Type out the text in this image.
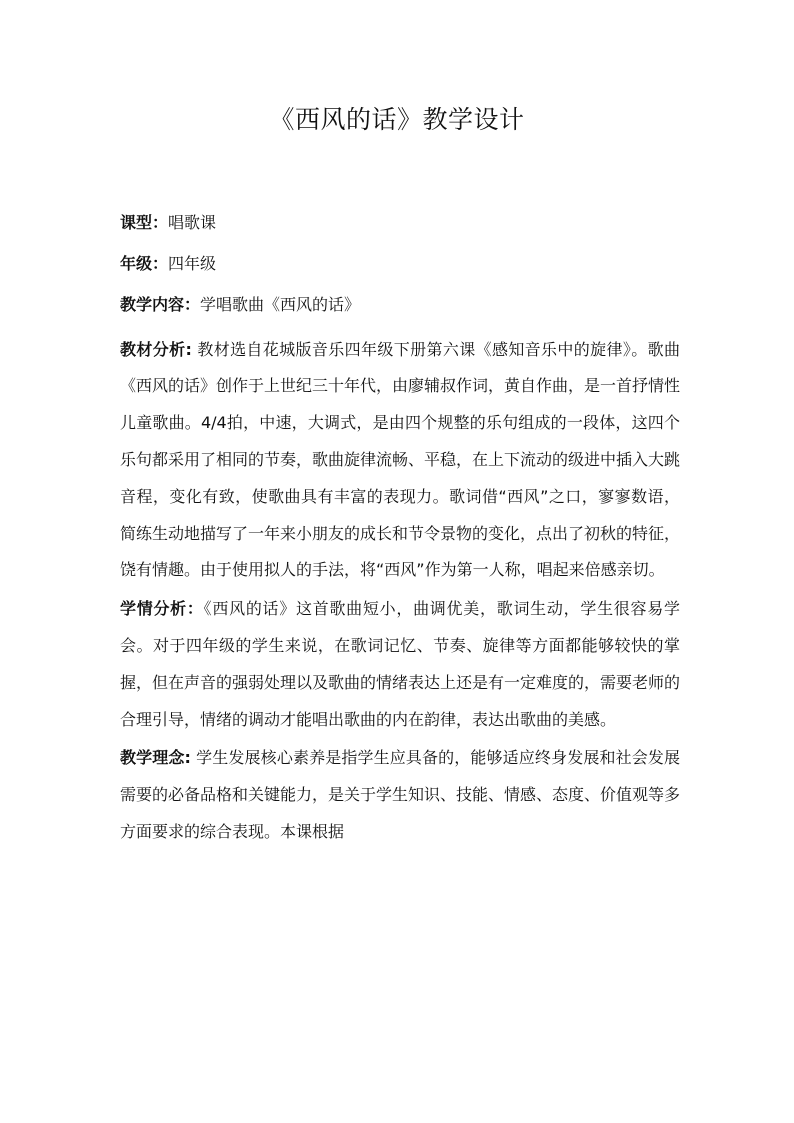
《西风的话》教学设计

课型：唱歌课

年级：四年级

教学内容：学唱歌曲《西风的话》

教材分析: 教材选自花城版音乐四年级下册第六课《感知音乐中的旋律》。歌曲《西风的话》创作于上世纪三十年代，由廖辅叔作词，黄自作曲，是一首抒情性儿童歌曲。4/4拍，中速，大调式，是由四个规整的乐句组成的一段体，这四个乐句都采用了相同的节奏，歌曲旋律流畅、平稳，在上下流动的级进中插入大跳音程，变化有致，使歌曲具有丰富的表现力。歌词借“西风”之口，寥寥数语，简练生动地描写了一年来小朋友的成长和节令景物的变化，点出了初秋的特征，饶有情趣。由于使用拟人的手法，将“西风”作为第一人称，唱起来倍感亲切。

学情分析：《西风的话》这首歌曲短小，曲调优美，歌词生动，学生很容易学会。对于四年级的学生来说，在歌词记忆、节奏、旋律等方面都能够较快的掌握，但在声音的强弱处理以及歌曲的情绪表达上还是有一定难度的，需要老师的合理引导，情绪的调动才能唱出歌曲的内在韵律，表达出歌曲的美感。

教学理念: 学生发展核心素养是指学生应具备的，能够适应终身发展和社会发展需要的必备品格和关键能力，是关于学生知识、技能、情感、态度、价值观等多方面要求的综合表现。本课根据
